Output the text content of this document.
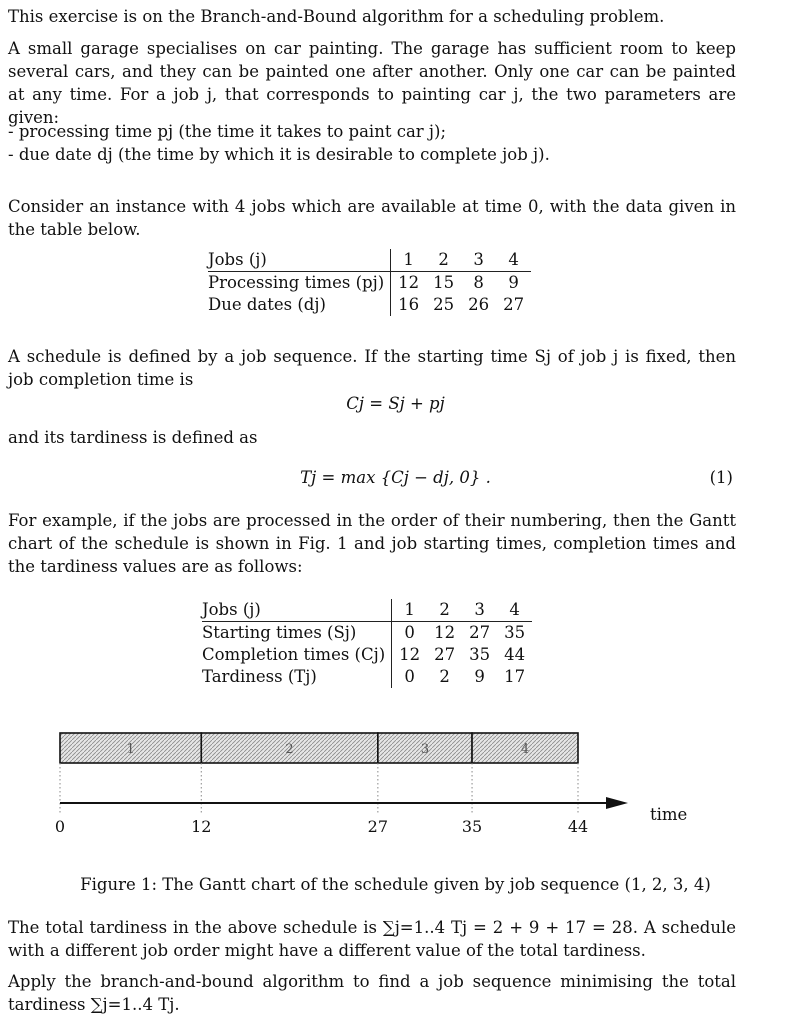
This exercise is on the Branch-and-Bound algorithm for a scheduling problem.

A small garage specialises on car painting. The garage has sufficient room to keep several cars, and they can be painted one after another. Only one car can be painted at any time. For a job j, that corresponds to painting car j, the two parameters are given:

- processing time pj (the time it takes to paint car j);
- due date dj (the time by which it is desirable to complete job j).

Consider an instance with 4 jobs which are available at time 0, with the data given in the table below.

Jobs (j)	1	2	3	4
Processing times (pj)	12	15	8	9
Due dates (dj)	16	25	26	27

A schedule is defined by a job sequence. If the starting time Sj of job j is fixed, then job completion time is

Cj = Sj + pj

and its tardiness is defined as

Tj = max {Cj − dj, 0} .	(1)

For example, if the jobs are processed in the order of their numbering, then the Gantt chart of the schedule is shown in Fig. 1 and job starting times, completion times and the tardiness values are as follows:

Jobs (j)	1	2	3	4
Starting times (Sj)	0	12	27	35
Completion times (Cj)	12	27	35	44
Tardiness (Tj)	0	2	9	17
1	2	3	4
0	12	27	35	44
time
Figure 1: The Gantt chart of the schedule given by job sequence (1, 2, 3, 4)

The total tardiness in the above schedule is ∑j=1..4 Tj = 2 + 9 + 17 = 28. A schedule with a different job order might have a different value of the total tardiness.

Apply the branch-and-bound algorithm to find a job sequence minimising the total tardiness ∑j=1..4 Tj.
